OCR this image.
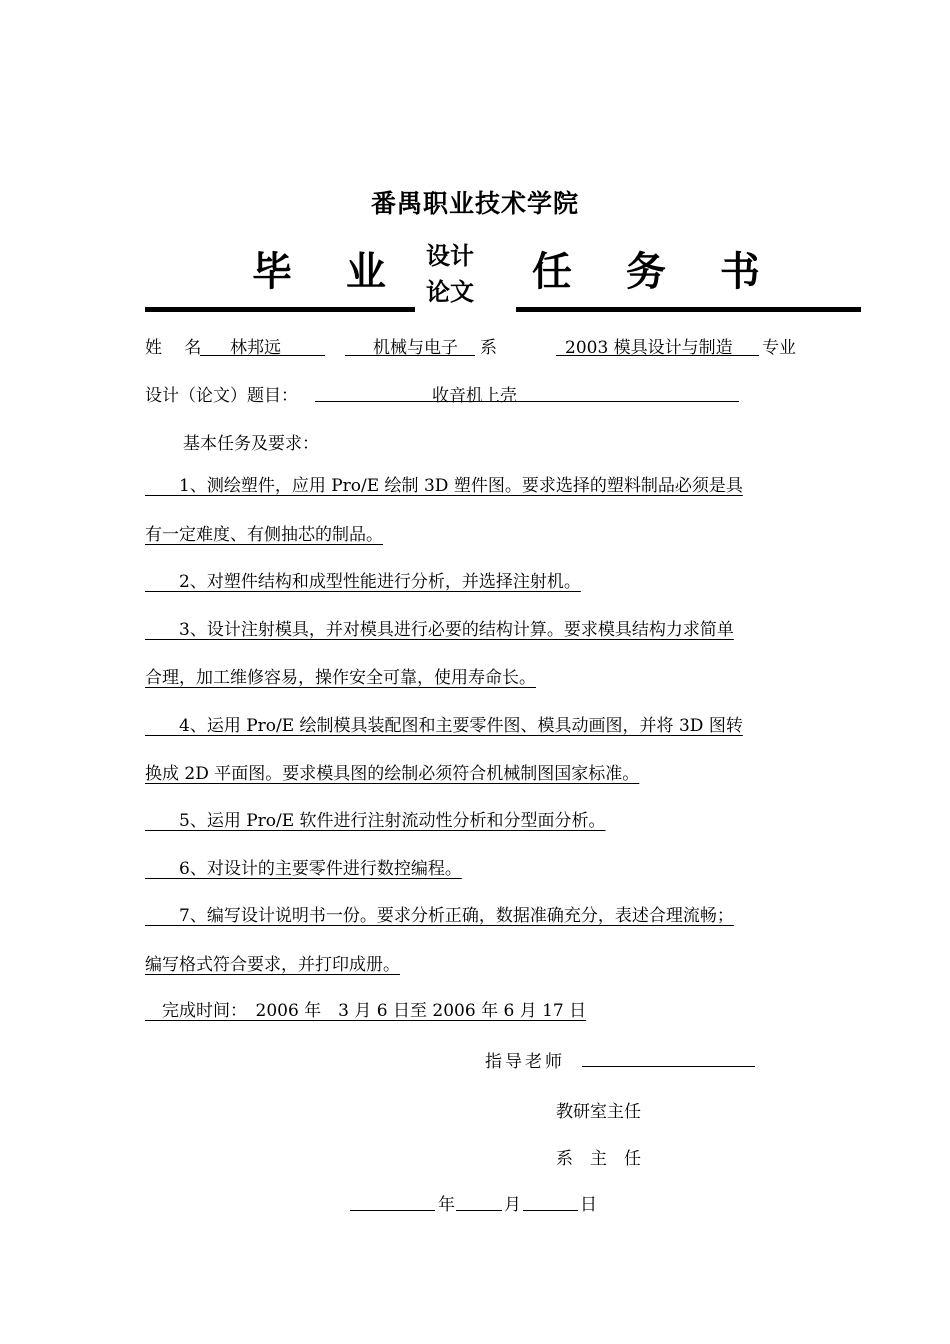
番禺职业技术学院
毕 业 设计
论文 任 务 书
姓　 名 林邦远	机械与电子 系	2003 模具设计与制造 专业
设计（论文）题目：	收音机上壳
基本任务及要求：
　　1、测绘塑件，应用 Pro/E 绘制 3D 塑件图。要求选择的塑料制品必须是具
有一定难度、有侧抽芯的制品。
　　2、对塑件结构和成型性能进行分析，并选择注射机。
　　3、设计注射模具，并对模具进行必要的结构计算。要求模具结构力求简单
合理，加工维修容易，操作安全可靠，使用寿命长。
　　4、运用 Pro/E 绘制模具装配图和主要零件图、模具动画图，并将 3D 图转
换成 2D 平面图。要求模具图的绘制必须符合机械制图国家标准。
　　5、运用 Pro/E 软件进行注射流动性分析和分型面分析。
　　6、对设计的主要零件进行数控编程。
　　7、编写设计说明书一份。要求分析正确，数据准确充分，表述合理流畅；
编写格式符合要求，并打印成册。
　完成时间：　2006 年　3 月 6 日至 2006 年 6 月 17 日
指导老师
教研室主任
系　主　任
年	月	日
